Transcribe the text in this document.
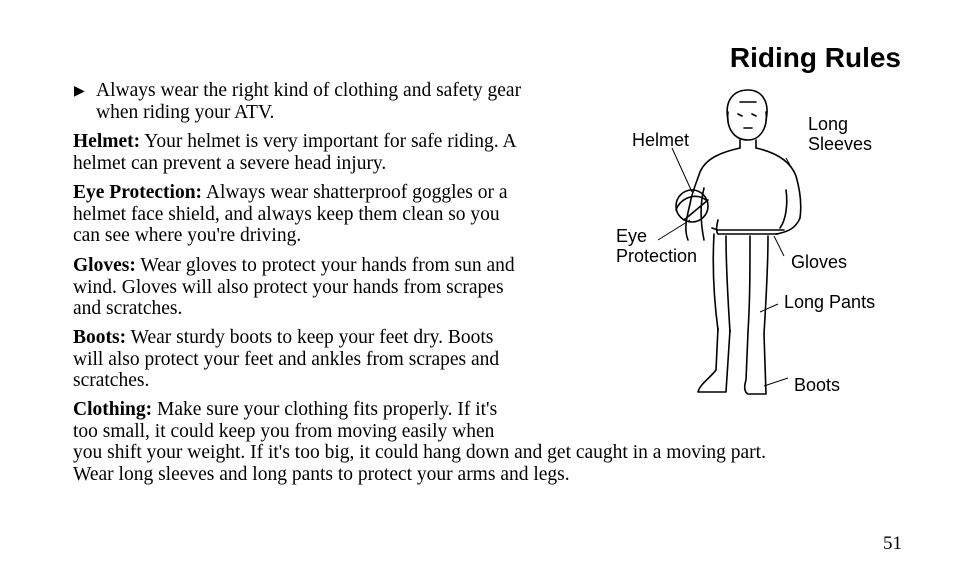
Riding Rules
▶ Always wear the right kind of clothing and safety gear
when riding your ATV.
Helmet: Your helmet is very important for safe riding. A
helmet can prevent a severe head injury.
Eye Protection: Always wear shatterproof goggles or a
helmet face shield, and always keep them clean so you
can see where you're driving.
Gloves: Wear gloves to protect your hands from sun and
wind. Gloves will also protect your hands from scrapes
and scratches.
Boots: Wear sturdy boots to keep your feet dry. Boots
will also protect your feet and ankles from scrapes and
scratches.
Clothing: Make sure your clothing fits properly. If it's
too small, it could keep you from moving easily when
you shift your weight. If it's too big, it could hang down and get caught in a moving part.
Wear long sleeves and long pants to protect your arms and legs.
Helmet
Long
Sleeves
Eye
Protection	Gloves
Long Pants
Boots
51
